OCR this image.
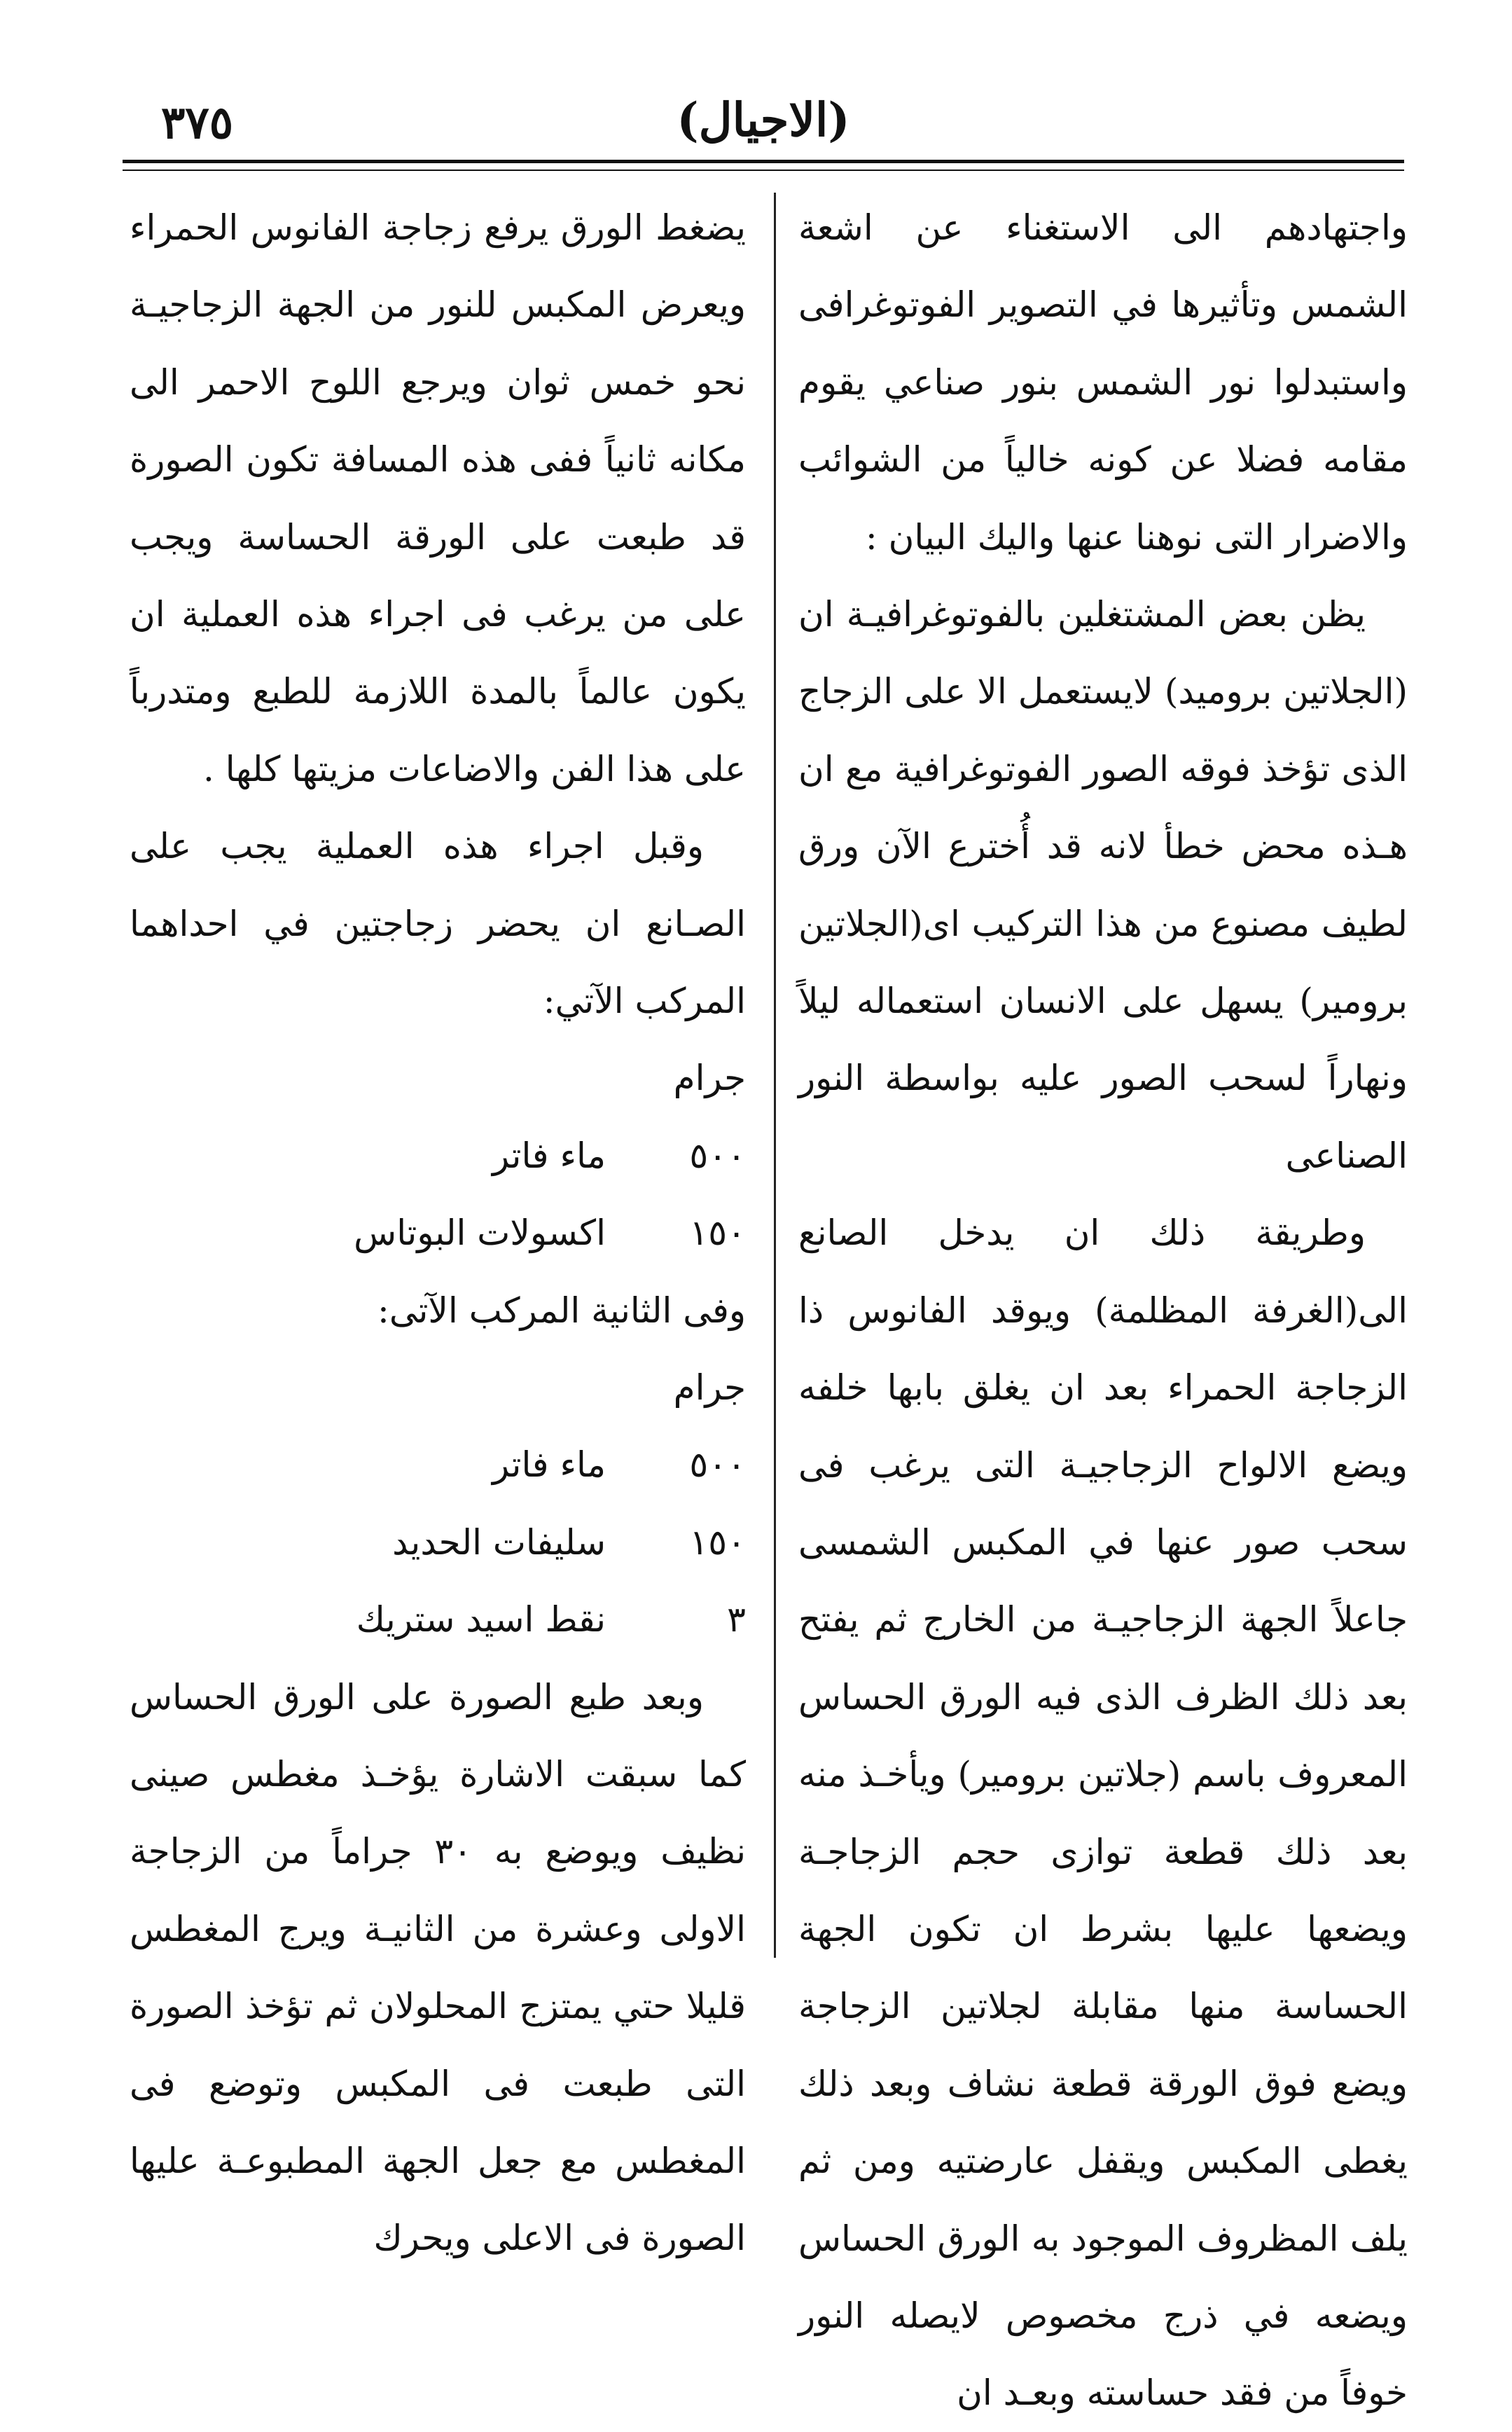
(الاجيال)
٣٧٥

واجتهادهم الى الاستغناء عن اشعة الشمس وتأثيرها في التصوير الفوتوغرافى واستبدلوا نور الشمس بنور صناعي يقوم مقامه فضلا عن كونه خالياً من الشوائب والاضرار التى نوهنا عنها واليك البيان :

يظن بعض المشتغلين بالفوتوغرافيـة ان (الجلاتين بروميد) لايستعمل الا على الزجاج الذى تؤخذ فوقه الصور الفوتوغرافية مع ان هـذه محض خطأ لانه قد أُخترع الآن ورق لطيف مصنوع من هذا التركيب اى(الجلاتين برومير) يسهل على الانسان استعماله ليلاً ونهاراً لسحب الصور عليه بواسطة النور الصناعى

وطريقة ذلك ان يدخل الصانع الى(الغرفة المظلمة) ويوقد الفانوس ذا الزجاجة الحمراء بعد ان يغلق بابها خلفه ويضع الالواح الزجاجيـة التى يرغب فى سحب صور عنها في المكبس الشمسى جاعلاً الجهة الزجاجيـة من الخارج ثم يفتح بعد ذلك الظرف الذى فيه الورق الحساس المعروف باسم (جلاتين برومير) ويأخـذ منه بعد ذلك قطعة توازى حجم الزجاجـة ويضعها عليها بشرط ان تكون الجهة الحساسة منها مقابلة لجلاتين الزجاجة ويضع فوق الورقة قطعة نشاف وبعد ذلك يغطى المكبس ويقفل عارضتيه ومن ثم يلف المظروف الموجود به الورق الحساس ويضعه في ذرج مخصوص لايصله النور خوفاً من فقد حساسته وبعـد ان

يضغط الورق يرفع زجاجة الفانوس الحمراء ويعرض المكبس للنور من الجهة الزجاجيـة نحو خمس ثوان ويرجع اللوح الاحمر الى مكانه ثانياً ففى هذه المسافة تكون الصورة قد طبعت على الورقة الحساسة ويجب على من يرغب فى اجراء هذه العملية ان يكون عالماً بالمدة اللازمة للطبع ومتدرباً على هذا الفن والاضاعات مزيتها كلها .

وقبل اجراء هذه العملية يجب على الصـانع ان يحضر زجاجتين في احداهما المركب الآتي:

جرام
٥٠٠
ماء فاتر
١٥٠
اكسولات البوتاس

وفى الثانية المركب الآتى:

جرام
٥٠٠
ماء فاتر
١٥٠
سليفات الحديد
٣
نقط اسيد ستريك

وبعد طبع الصورة على الورق الحساس كما سبقت الاشارة يؤخـذ مغطس صينى نظيف ويوضع به ٣٠ جراماً من الزجاجة الاولى وعشرة من الثانيـة ويرج المغطس قليلا حتي يمتزج المحلولان ثم تؤخذ الصورة التى طبعت فى المكبس وتوضع فى المغطس مع جعل الجهة المطبوعـة عليها الصورة فى الاعلى ويحرك
